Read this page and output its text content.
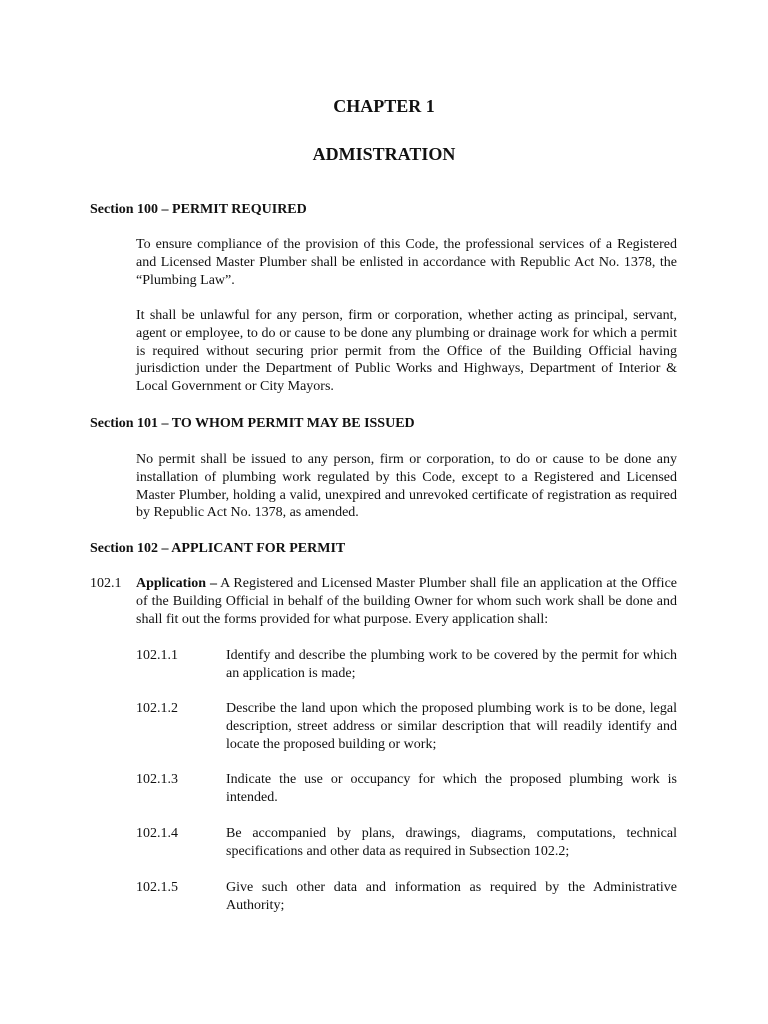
CHAPTER 1
ADMISTRATION
Section 100 – PERMIT REQUIRED
To ensure compliance of the provision of this Code, the professional services of a Registered and Licensed Master Plumber shall be enlisted in accordance with Republic Act No. 1378, the “Plumbing Law”.
It shall be unlawful for any person, firm or corporation, whether acting as principal, servant, agent or employee, to do or cause to be done any plumbing or drainage work for which a permit is required without securing prior permit from the Office of the Building Official having jurisdiction under the Department of Public Works and Highways, Department of Interior & Local Government or City Mayors.
Section 101 – TO WHOM PERMIT MAY BE ISSUED
No permit shall be issued to any person, firm or corporation, to do or cause to be done any installation of plumbing work regulated by this Code, except to a Registered and Licensed Master Plumber, holding a valid, unexpired and unrevoked certificate of registration as required by Republic Act No. 1378, as amended.
Section 102 – APPLICANT FOR PERMIT
102.1 Application – A Registered and Licensed Master Plumber shall file an application at the Office of the Building Official in behalf of the building Owner for whom such work shall be done and shall fit out the forms provided for what purpose. Every application shall:
102.1.1	Identify and describe the plumbing work to be covered by the permit for which an application is made;
102.1.2	Describe the land upon which the proposed plumbing work is to be done, legal description, street address or similar description that will readily identify and locate the proposed building or work;
102.1.3	Indicate the use or occupancy for which the proposed plumbing work is intended.
102.1.4	Be accompanied by plans, drawings, diagrams, computations, technical specifications and other data as required in Subsection 102.2;
102.1.5	Give such other data and information as required by the Administrative Authority;
